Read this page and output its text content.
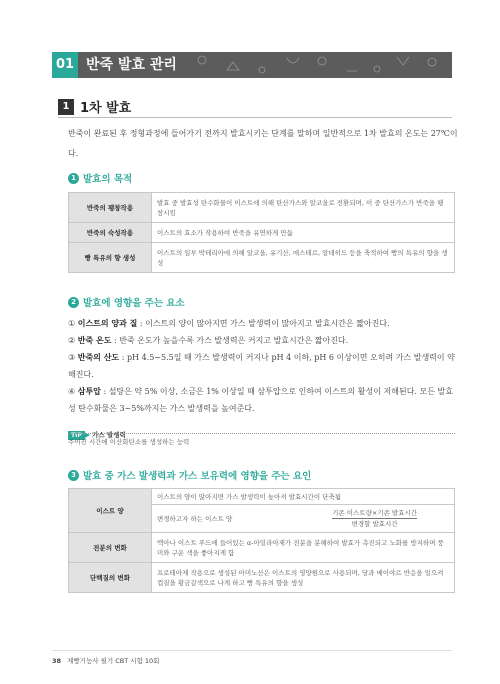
01 반죽 발효 관리
1 1차 발효
반죽이 완료된 후 정형과정에 들어가기 전까지 발효시키는 단계를 말하며 일반적으로 1차 발효의 온도는 27℃이다.
1 발효의 목적
반죽의 팽창작용	발효 중 발효성 탄수화물이 이스트에 의해 탄산가스와 알코올로 전환되며, 이 중 탄산가스가 반죽을 팽창시킴
반죽의 숙성작용	이스트의 효소가 작용하여 반죽을 유연하게 만듦
빵 특유의 향 생성	이스트의 일부 박테리아에 의해 알코올, 유기산, 에스테르, 알데히드 등을 축적하여 빵의 특유의 향을 생성
2 발효에 영향을 주는 요소
① 이스트의 양과 질 : 이스트의 양이 많아지면 가스 발생력이 많아지고 발효시간은 짧아진다.
② 반죽 온도 : 반죽 온도가 높을수록 가스 발생력은 커지고 발효시간은 짧아진다.
③ 반죽의 산도 : pH 4.5~5.5일 때 가스 발생력이 커지나 pH 4 이하, pH 6 이상이면 오히려 가스 발생력이 약해진다.
④ 삼투압 : 설탕은 약 5% 이상, 소금은 1% 이상일 때 삼투압으로 인하여 이스트의 활성이 저해된다. 모든 발효성 탄수화물은 3~5%까지는 가스 발생력을 높여준다.
TIP ▶ 가스 발생력
주어진 시간에 이산화탄소를 생성하는 능력
3 발효 중 가스 발생력과 가스 보유력에 영향을 주는 요인
이스트 양	이스트의 양이 많아지면 가스 발생력이 높아져 발효시간이 단축됨	
	변경하고자 하는 이스트 양	기존 이스트량×기존 발효시간
변경할 발효시간

전분의 변화	맥아나 이스트 푸드에 들어있는 α-아밀라아제가 전분을 분해하여 발효가 촉진되고 노화를 방지하며 풍미와 구운 색을 좋아지게 함	
단백질의 변화	프로테아제 작용으로 생성된 아미노산은 이스트의 영양원으로 사용되며, 당과 메이야르 반응을 일으켜 껍질을 황금갈색으로 나게 하고 빵 특유의 향을 생성	
38 제빵기능사 필기 CBT 시험 10회
